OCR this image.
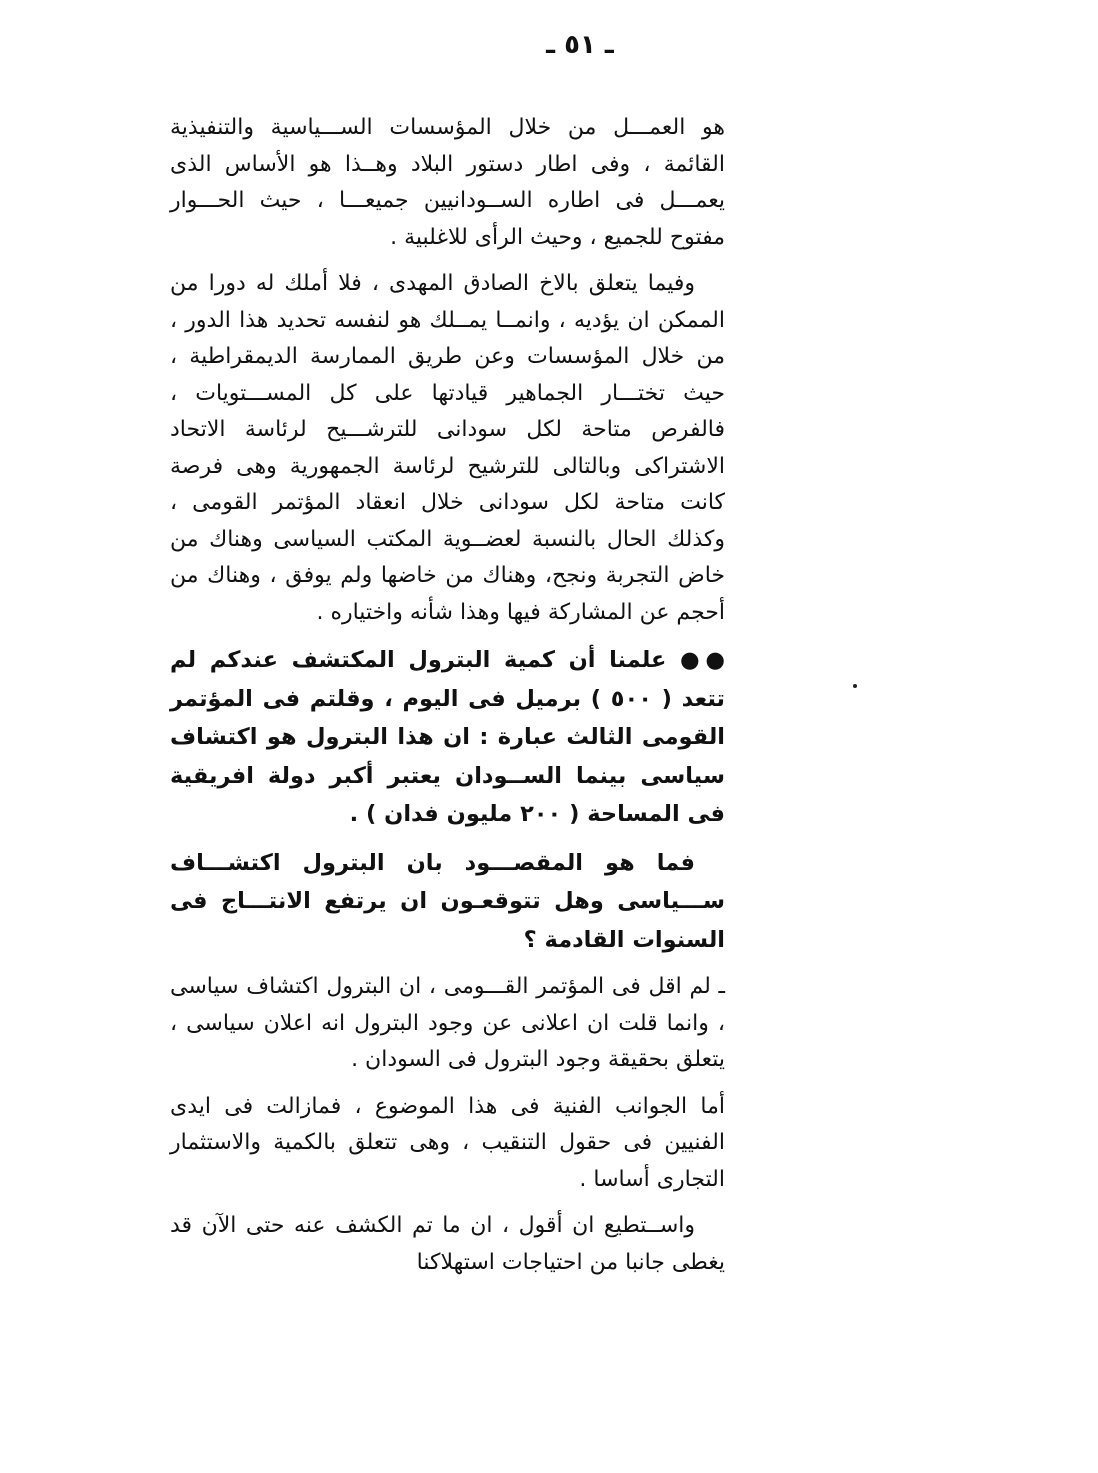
ـ ٥١ ـ

هو العمـــل من خلال المؤسسات الســـياسية والتنفيذية القائمة ، وفى اطار دستور البلاد وهــذا هو الأساس الذى يعمـــل فى اطاره الســودانيين جميعـــا ، حيث الحـــوار مفتوح للجميع ، وحيث الرأى للاغلبية .

وفيما يتعلق بالاخ الصادق المهدى ، فلا أملك له دورا من الممكن ان يؤديه ، وانمــا يمــلك هو لنفسه تحديد هذا الدور ، من خلال المؤسسات وعن طريق الممارسة الديمقراطية ، حيث تختـــار الجماهير قيادتها على كل المســـتويات ، فالفرص متاحة لكل سودانى للترشـــيح لرئاسة الاتحاد الاشتراكى وبالتالى للترشيح لرئاسة الجمهورية وهى فرصة كانت متاحة لكل سودانى خلال انعقاد المؤتمر القومى ، وكذلك الحال بالنسبة لعضــوية المكتب السياسى وهناك من خاض التجربة ونجح، وهناك من خاضها ولم يوفق ، وهناك من أحجم عن المشاركة فيها وهذا شأنه واختياره .

●● علمنا أن كمية البترول المكتشف عندكم لم تتعد ( ٥٠٠ ) برميل فى اليوم ، وقلتم فى المؤتمر القومى الثالث عبارة : ان هذا البترول هو اكتشاف سياسى بينما الســودان يعتبر أكبر دولة افريقية فى المساحة ( ٢٠٠ مليون فدان ) .

فما هو المقصـــود بان البترول اكتشـــاف ســـياسى وهل تتوقعـون ان يرتفع الانتـــاج فى السنوات القادمة ؟

ـ لم اقل فى المؤتمر القـــومى ، ان البترول اكتشاف سياسى ، وانما قلت ان اعلانى عن وجود البترول انه اعلان سياسى ، يتعلق بحقيقة وجود البترول فى السودان .

أما الجوانب الفنية فى هذا الموضوع ، فمازالت فى ايدى الفنيين فى حقول التنقيب ، وهى تتعلق بالكمية والاستثمار التجارى أساسا .

واســتطيع ان أقول ، ان ما تم الكشف عنه حتى الآن قد يغطى جانبا من احتياجات استهلاكنا
